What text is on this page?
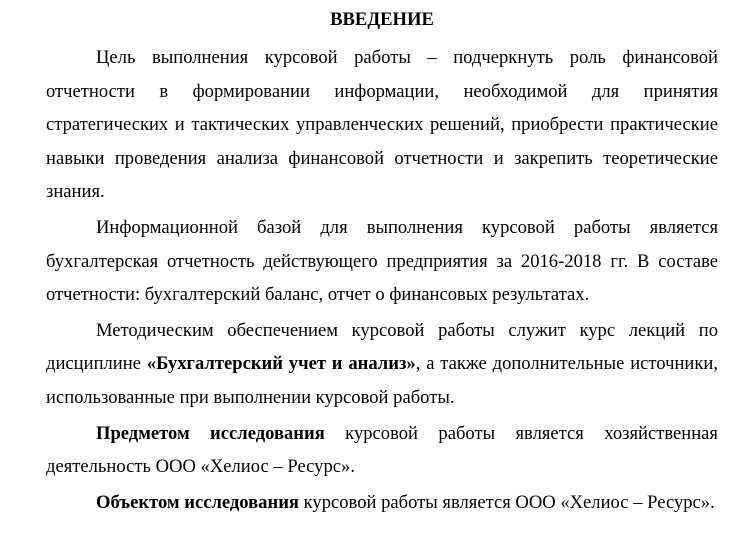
ВВЕДЕНИЕ

Цель выполнения курсовой работы – подчеркнуть роль финансовой отчетности в формировании информации, необходимой для принятия стратегических и тактических управленческих решений, приобрести практические навыки проведения анализа финансовой отчетности и закрепить теоретические знания.

Информационной базой для выполнения курсовой работы является бухгалтерская отчетность действующего предприятия за 2016-2018 гг. В составе отчетности: бухгалтерский баланс, отчет о финансовых результатах.

Методическим обеспечением курсовой работы служит курс лекций по дисциплине «Бухгалтерский учет и анализ», а также дополнительные источники, использованные при выполнении курсовой работы.

Предметом исследования курсовой работы является хозяйственная деятельность ООО «Хелиос – Ресурс».

Объектом исследования курсовой работы является ООО «Хелиос – Ресурс».
